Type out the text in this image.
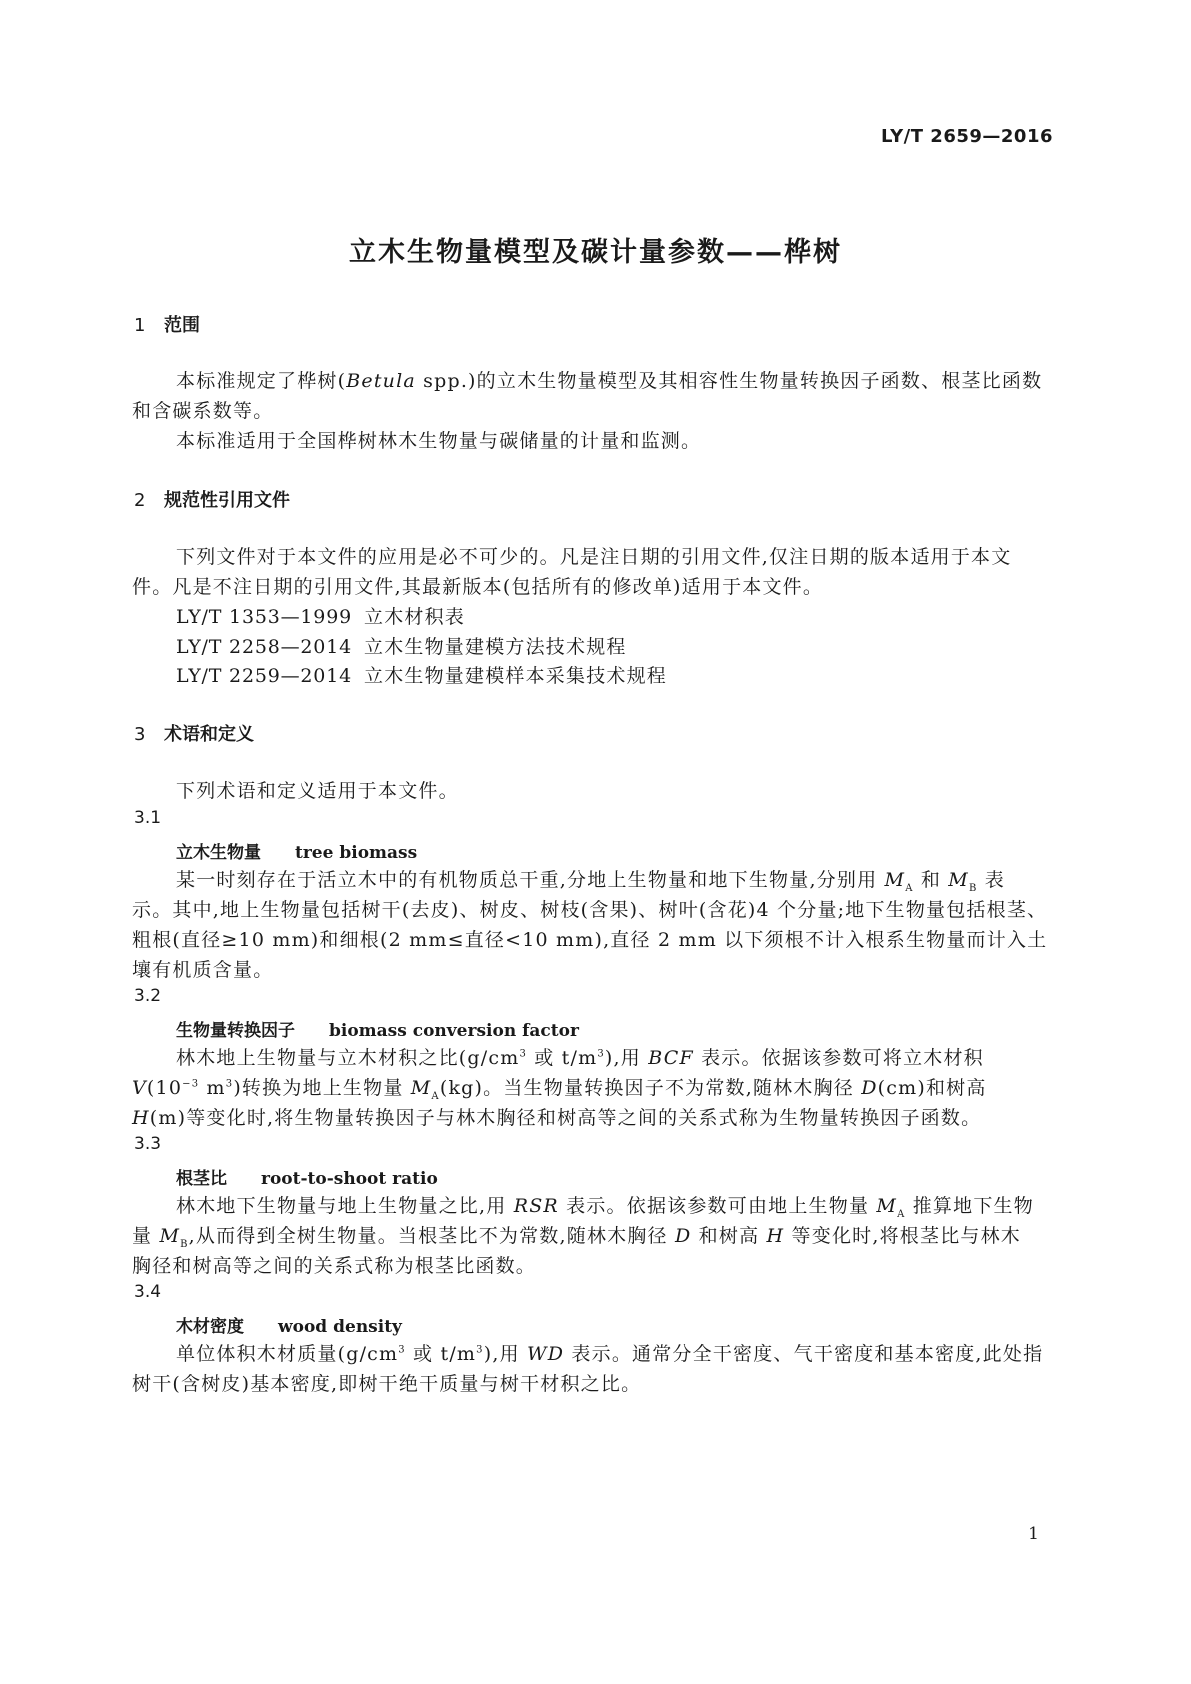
LY/T 2659—2016
立木生物量模型及碳计量参数——桦树
1 范围
本标准规定了桦树(Betula spp.)的立木生物量模型及其相容性生物量转换因子函数、根茎比函数
和含碳系数等。
本标准适用于全国桦树林木生物量与碳储量的计量和监测。
2 规范性引用文件
下列文件对于本文件的应用是必不可少的。凡是注日期的引用文件,仅注日期的版本适用于本文
件。凡是不注日期的引用文件,其最新版本(包括所有的修改单)适用于本文件。
LY/T 1353—1999 立木材积表
LY/T 2258—2014 立木生物量建模方法技术规程
LY/T 2259—2014 立木生物量建模样本采集技术规程
3 术语和定义
下列术语和定义适用于本文件。
3.1
立木生物量 tree biomass
某一时刻存在于活立木中的有机物质总干重,分地上生物量和地下生物量,分别用 $M_A$ 和 $M_B$ 表
示。其中,地上生物量包括树干(去皮)、树皮、树枝(含果)、树叶(含花)4 个分量;地下生物量包括根茎、
粗根(直径≥10 mm)和细根(2 mm≤直径<10 mm),直径 2 mm 以下须根不计入根系生物量而计入土
壤有机质含量。
3.2
生物量转换因子 biomass conversion factor
林木地上生物量与立木材积之比($g/cm^3$ 或 $t/m^3$),用 BCF 表示。依据该参数可将立木材积
$V(10^{-3}$ $m^3$)转换为地上生物量 $M_A(kg)$。当生物量转换因子不为常数,随林木胸径 D(cm)和树高
H(m)等变化时,将生物量转换因子与林木胸径和树高等之间的关系式称为生物量转换因子函数。
3.3
根茎比 root-to-shoot ratio
林木地下生物量与地上生物量之比,用 RSR 表示。依据该参数可由地上生物量 $M_A$ 推算地下生物
量 $M_B$,从而得到全树生物量。当根茎比不为常数,随林木胸径 D 和树高 H 等变化时,将根茎比与林木
胸径和树高等之间的关系式称为根茎比函数。
3.4
木材密度 wood density
单位体积木材质量($g/cm^3$ 或 $t/m^3$),用 WD 表示。通常分全干密度、气干密度和基本密度,此处指
树干(含树皮)基本密度,即树干绝干质量与树干材积之比。
1
